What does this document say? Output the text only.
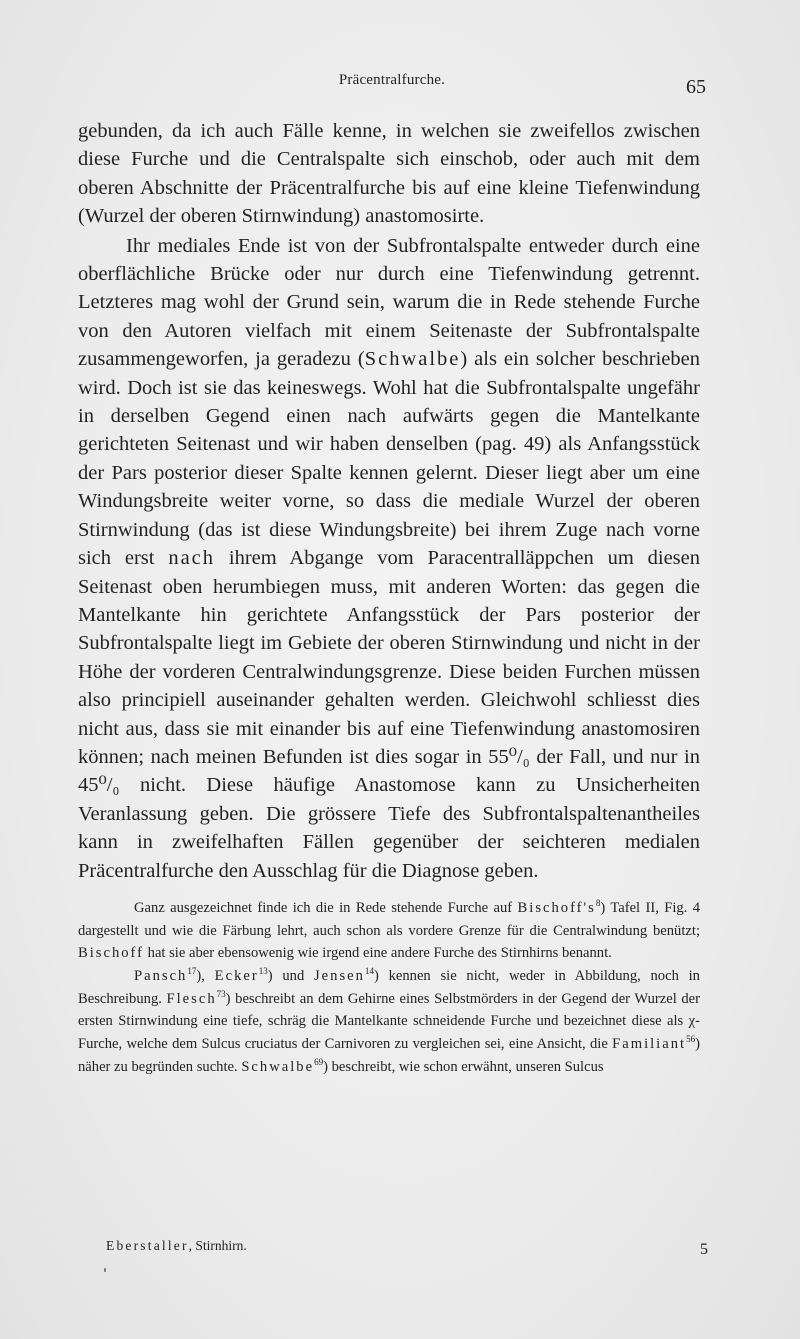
Präcentralfurche.	65

gebunden, da ich auch Fälle kenne, in welchen sie zweifellos zwischen diese Furche und die Centralspalte sich einschob, oder auch mit dem oberen Abschnitte der Präcentralfurche bis auf eine kleine Tiefenwindung (Wurzel der oberen Stirnwindung) anastomosirte.

Ihr mediales Ende ist von der Subfrontalspalte entweder durch eine oberflächliche Brücke oder nur durch eine Tiefenwindung getrennt. Letzteres mag wohl der Grund sein, warum die in Rede stehende Furche von den Autoren vielfach mit einem Seitenaste der Subfrontalspalte zusammengeworfen, ja geradezu (Schwalbe) als ein solcher beschrieben wird. Doch ist sie das keineswegs. Wohl hat die Subfrontalspalte ungefähr in derselben Gegend einen nach aufwärts gegen die Mantelkante gerichteten Seitenast und wir haben denselben (pag. 49) als Anfangsstück der Pars posterior dieser Spalte kennen gelernt. Dieser liegt aber um eine Windungsbreite weiter vorne, so dass die mediale Wurzel der oberen Stirnwindung (das ist diese Windungsbreite) bei ihrem Zuge nach vorne sich erst nach ihrem Abgange vom Paracentralläppchen um diesen Seitenast oben herumbiegen muss, mit anderen Worten: das gegen die Mantelkante hin gerichtete Anfangsstück der Pars posterior der Subfrontalspalte liegt im Gebiete der oberen Stirnwindung und nicht in der Höhe der vorderen Centralwindungsgrenze. Diese beiden Furchen müssen also principiell auseinander gehalten werden. Gleichwohl schliesst dies nicht aus, dass sie mit einander bis auf eine Tiefenwindung anastomosiren können; nach meinen Befunden ist dies sogar in 55⁰/₀ der Fall, und nur in 45⁰/₀ nicht. Diese häufige Anastomose kann zu Unsicherheiten Veranlassung geben. Die grössere Tiefe des Subfrontalspaltenantheiles kann in zweifelhaften Fällen gegenüber der seichteren medialen Präcentralfurche den Ausschlag für die Diagnose geben.

Ganz ausgezeichnet finde ich die in Rede stehende Furche auf $Bischoff's^8$) Tafel II, Fig. 4 dargestellt und wie die Färbung lehrt, auch schon als vordere Grenze für die Centralwindung benützt; Bischoff hat sie aber ebensowenig wie irgend eine andere Furche des Stirnhirns benannt.

Pansch$^{17}$), Ecker$^{13}$) und Jensen$^{14}$) kennen sie nicht, weder in Abbildung, noch in Beschreibung. Flesch$^{73}$) beschreibt an dem Gehirne eines Selbstmörders in der Gegend der Wurzel der ersten Stirnwindung eine tiefe, schräg die Mantelkante schneidende Furche und bezeichnet diese als χ-Furche, welche dem Sulcus cruciatus der Carnivoren zu vergleichen sei, eine Ansicht, die Familiant$^{56}$) näher zu begründen suchte. Schwalbe$^{69}$) beschreibt, wie schon erwähnt, unseren Sulcus

Eberstaller, Stirnhirn.	5
